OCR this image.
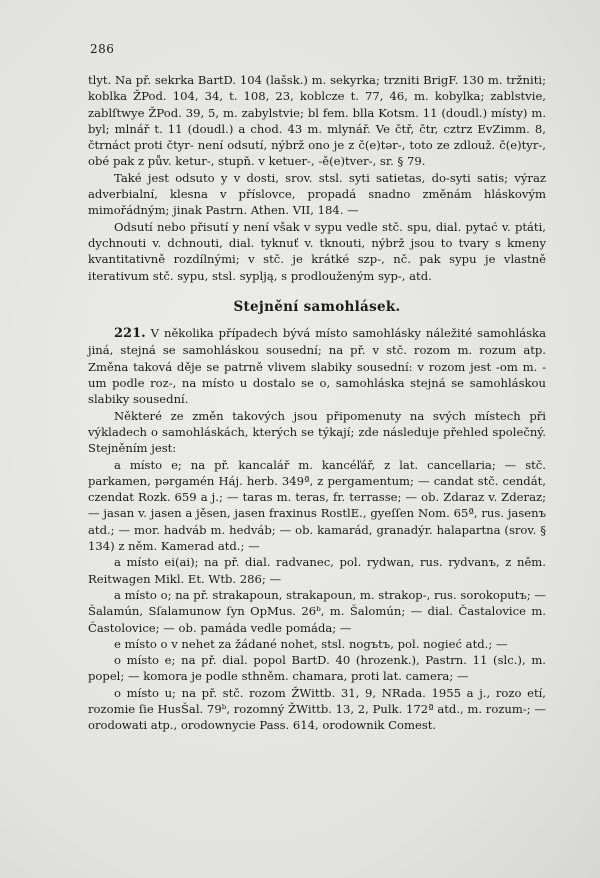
286

tlyt. Na př. sekrka BartD. 104 (lašsk.) m. sekyrka; trzniti BrigF. 130 m. tržniti; koblka ŽPod. 104, 34, t. 108, 23, koblcze t. 77, 46, m. kobylka; zablstvie, zablſtwye ŽPod. 39, 5, m. zabylstvie; bl fem. blla Kotsm. 11 (doudl.) místy) m. byl; mlnář t. 11 (doudl.) a chod. 43 m. mlynář. Ve čtř, čtr, cztrz EvZimm. 8, čtrnáct proti čtyr- není odsutí, nýbrž ono je z č(e)tər-, toto ze zdlouž. č(e)tyr-, obé pak z pův. ketur-, stupň. v ketuer-, -ě(e)tver-, sr. § 79.

Také jest odsuto y v dosti, srov. stsl. syti satietas, do-syti satis; výraz adverbialní, klesna v příslovce, propadá snadno změnám hláskovým mimořádným; jinak Pastrn. Athen. VII, 184. —

Odsutí nebo přisutí y není však v sypu vedle stč. spu, dial. pytać v. ptáti, dychnouti v. dchnouti, dial. tyknuť v. tknouti, nýbrž jsou to tvary s kmeny kvantitativně rozdílnými; v stč. je krátké szp-, nč. pak sypu je vlastně iterativum stč. sypu, stsl. syplją, s prodlouženým syp-, atd.

Stejnění samohlásek.

221. V několika případech bývá místo samohlásky náležité samohláska jiná, stejná se samohláskou sousední; na př. v stč. rozom m. rozum atp. Změna taková děje se patrně vlivem slabiky sousední: v rozom jest -om m. -um podle roz-, na místo u dostalo se o, samohláska stejná se samohláskou slabiky sousední.

Některé ze změn takových jsou připomenuty na svých místech při výkladech o samohláskách, kterých se týkají; zde následuje přehled společný. Stejněním jest:

a místo e; na př. kancalář m. kancéľář, z lat. cancellaria; — stč. parkamen, pərgamén Háj. herb. 349ª, z pergamentum; — candat stč. cendát, czendat Rozk. 659 a j.; — taras m. teras, fr. terrasse; — ob. Zdaraz v. Zderaz; — jasan v. jasen a jěsen, jasen fraxinus RostlE., gyeſſen Nom. 65ª, rus. jasenъ atd.; — mor. hadváb m. hedváb; — ob. kamarád, granadýr. halapartna (srov. § 134) z něm. Kamerad atd.; —

a místo ei(ai); na př. dial. radvanec, pol. rydwan, rus. rydvanъ, z něm. Reitwagen Mikl. Et. Wtb. 286; —

a místo o; na př. strakapoun, strakapoun, m. strakop-, rus. sorokoputъ; — Šalamún, Sſalamunow ſyn OpMus. 26ᵇ, m. Šalomún; — dial. Častalovice m. Častolovice; — ob. pamáda vedle pomáda; —

e místo o v nehet za žádané nohet, stsl. nogъtъ, pol. nogieć atd.; —

o místo e; na př. dial. popol BartD. 40 (hrozenk.), Pastrn. 11 (slc.), m. popel; — komora je podle sthněm. chamara, proti lat. camera; —

o místo u; na př. stč. rozom ŽWittb. 31, 9, NRada. 1955 a j., rozo etí, rozomie ſie HusŠal. 79ᵇ, rozomný ŽWittb. 13, 2, Pulk. 172ª atd., m. rozum-; — orodowati atp., orodownycie Pass. 614, orodownik Comest.
